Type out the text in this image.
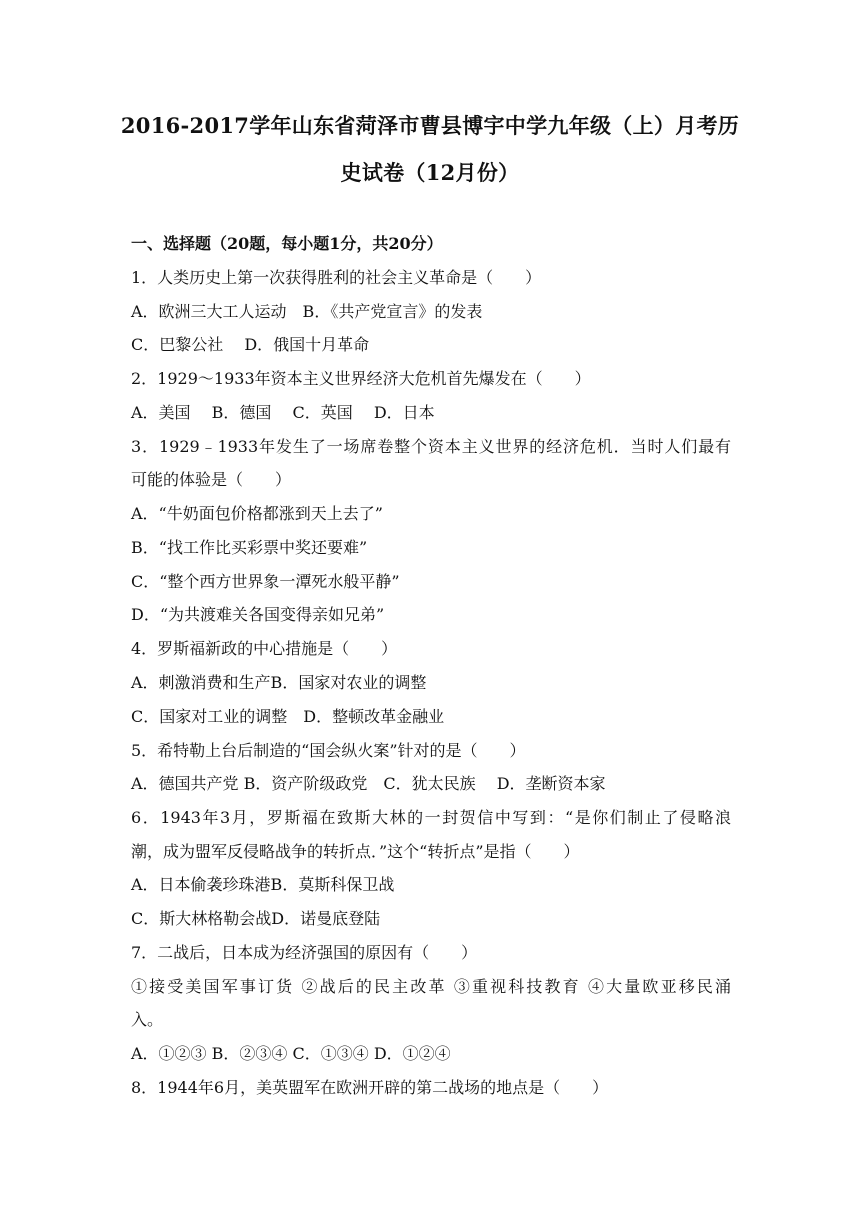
2016-2017学年山东省菏泽市曹县博宇中学九年级（上）月考历
史试卷（12月份）
一、选择题（20题，每小题1分，共20分）
1．人类历史上第一次获得胜利的社会主义革命是（　　）
A．欧洲三大工人运动　B．《共产党宣言》的发表
C．巴黎公社　 D．俄国十月革命
2．1929～1933年资本主义世界经济大危机首先爆发在（　　）
A．美国　 B．德国　 C．英国　 D．日本
3．1929﹣1933年发生了一场席卷整个资本主义世界的经济危机．当时人们最有
可能的体验是（　　）
A．“牛奶面包价格都涨到天上去了”
B．“找工作比买彩票中奖还要难”
C．“整个西方世界象一潭死水般平静”
D．“为共渡难关各国变得亲如兄弟”
4．罗斯福新政的中心措施是（　　）
A．刺激消费和生产B．国家对农业的调整
C．国家对工业的调整　D．整顿改革金融业
5．希特勒上台后制造的“国会纵火案”针对的是（　　）
A．德国共产党 B．资产阶级政党　C．犹太民族　 D．垄断资本家
6．1943年3月，罗斯福在致斯大林的一封贺信中写到：“是你们制止了侵略浪
潮，成为盟军反侵略战争的转折点．”这个“转折点”是指（　　）
A．日本偷袭珍珠港B．莫斯科保卫战
C．斯大林格勒会战D．诺曼底登陆
7．二战后，日本成为经济强国的原因有（　　）
①接受美国军事订货 ②战后的民主改革 ③重视科技教育 ④大量欧亚移民涌
入。
A．①②③ B．②③④ C．①③④ D．①②④
8．1944年6月，美英盟军在欧洲开辟的第二战场的地点是（　　）
